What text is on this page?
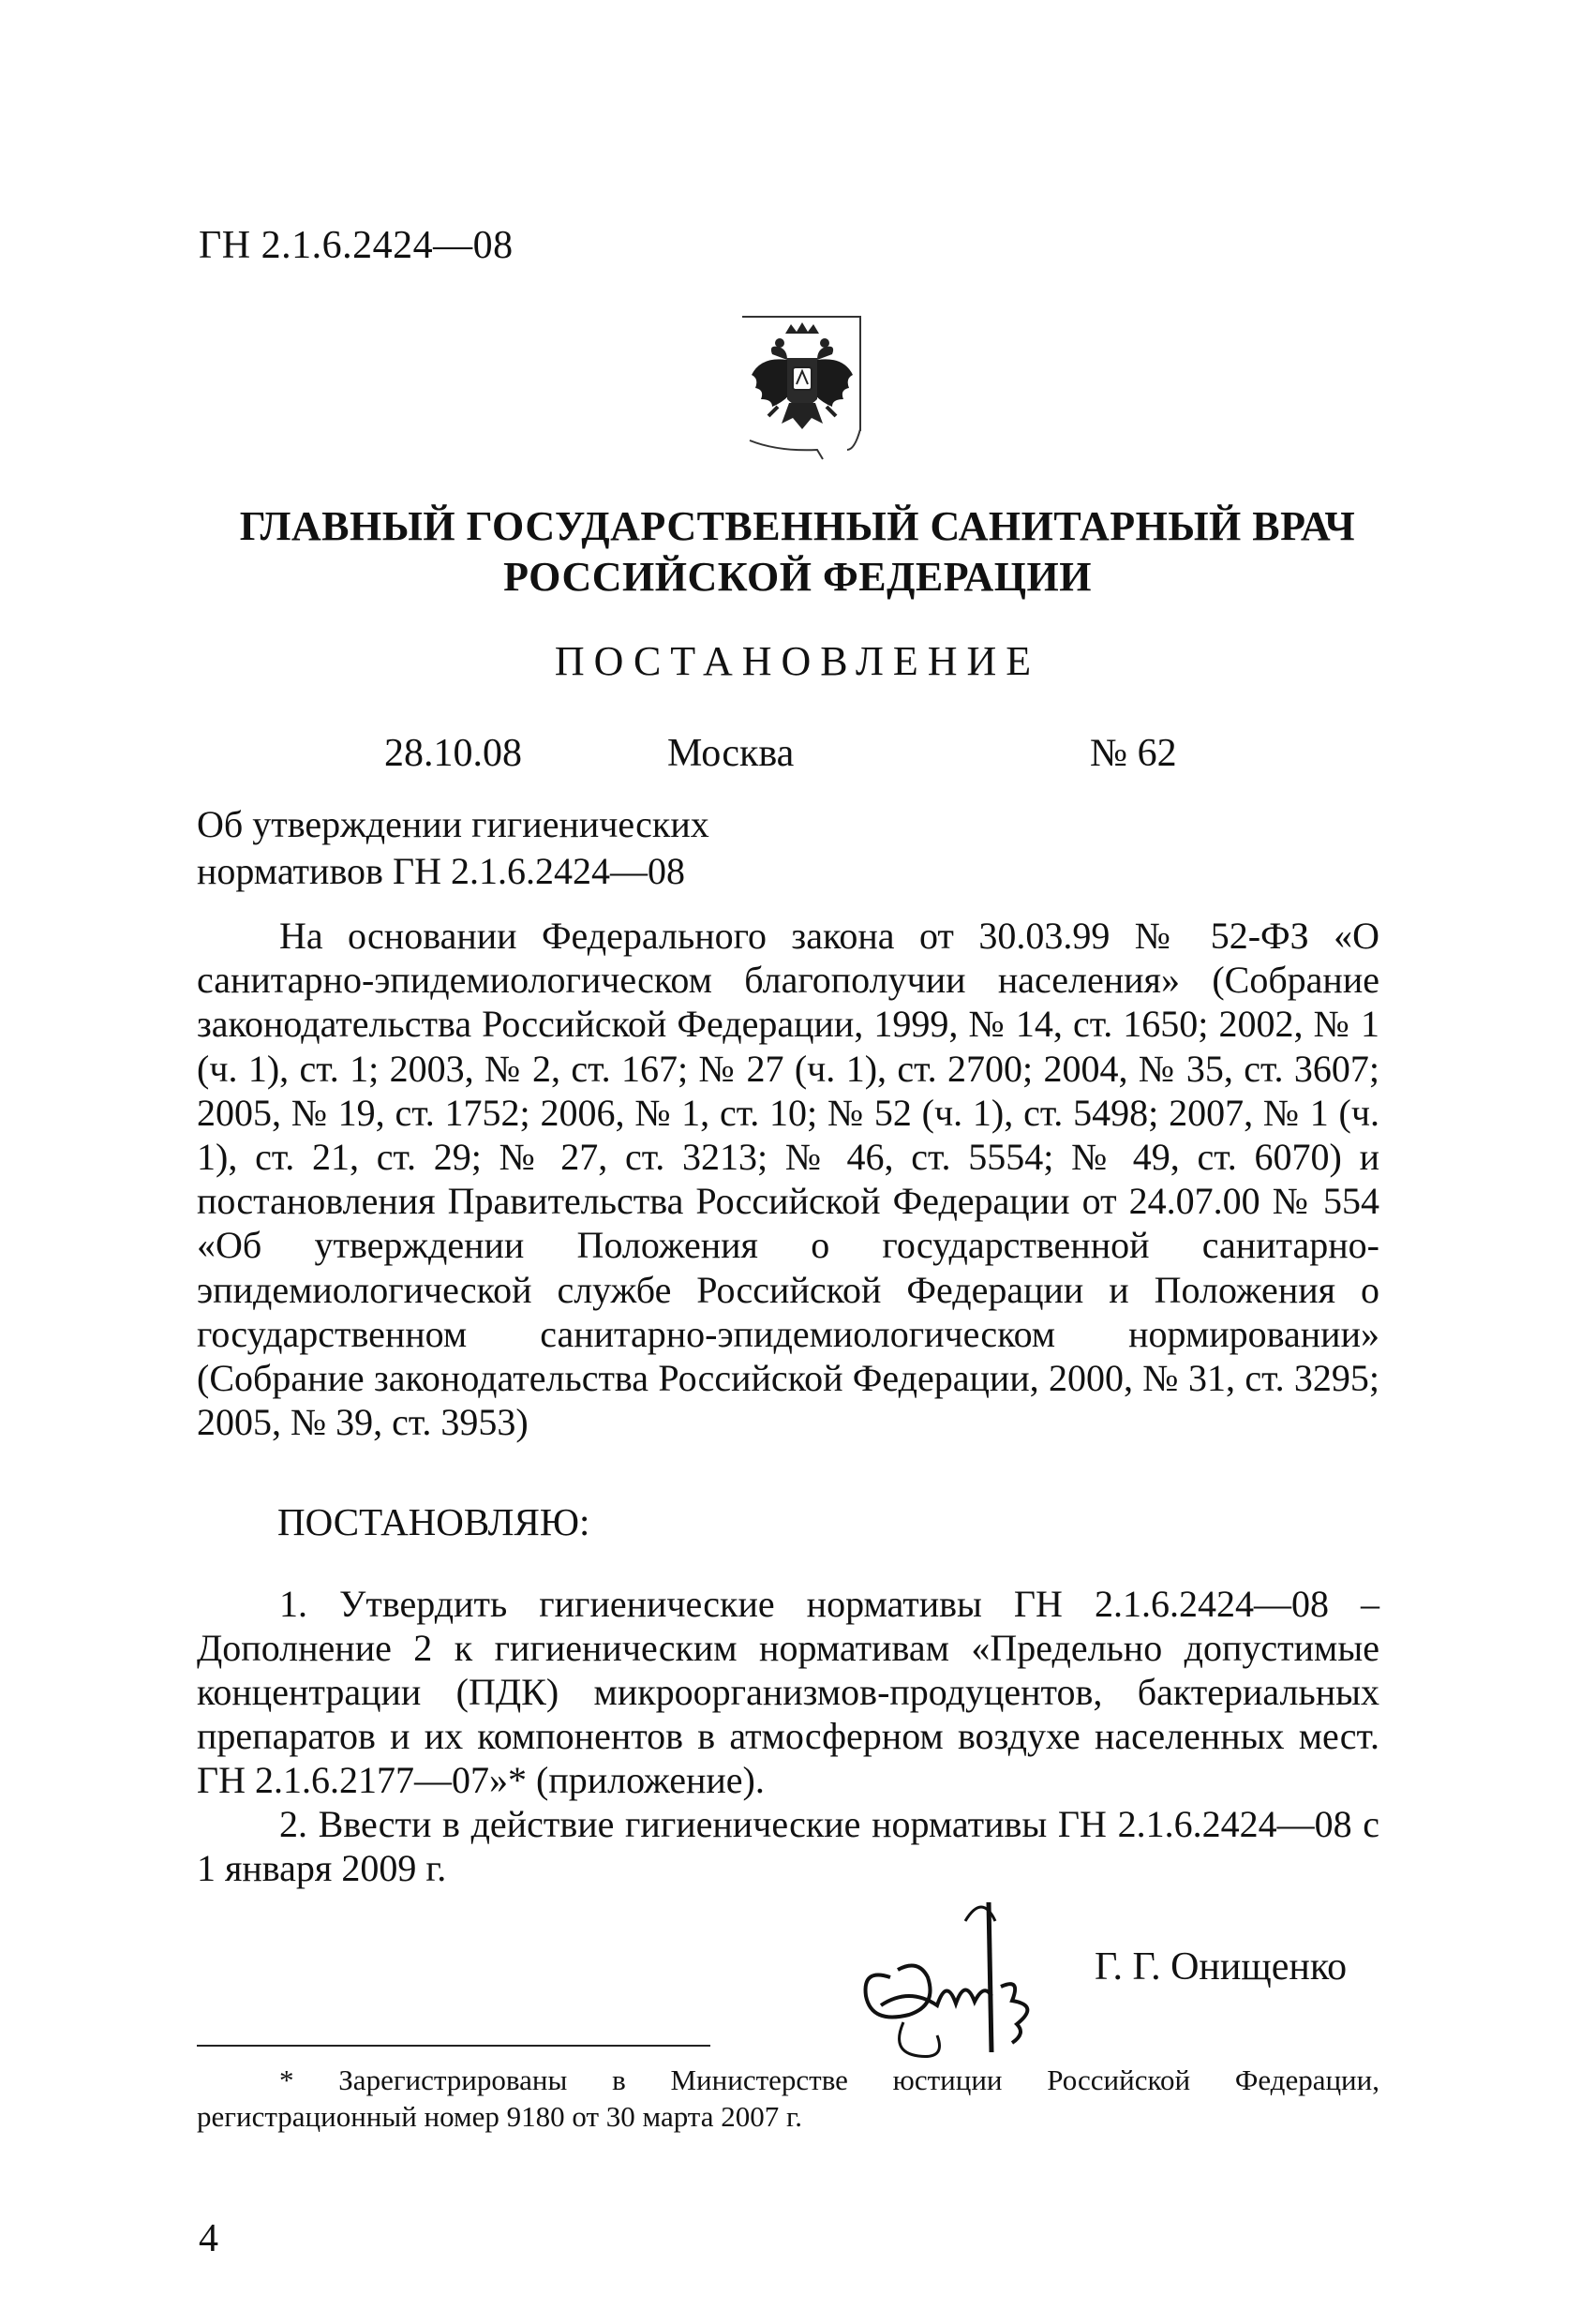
ГН 2.1.6.2424—08
ГЛАВНЫЙ ГОСУДАРСТВЕННЫЙ САНИТАРНЫЙ ВРАЧ
РОССИЙСКОЙ ФЕДЕРАЦИИ
ПОСТАНОВЛЕНИЕ
28.10.08	Москва	№ 62
Об утверждении гигиенических
нормативов ГН 2.1.6.2424—08
На основании Федерального закона от 30.03.99 № 52-ФЗ «О санитарно-эпидемиологическом благополучии населения» (Собрание законодательства Российской Федерации, 1999, № 14, ст. 1650; 2002, № 1 (ч. 1), ст. 1; 2003, № 2, ст. 167; № 27 (ч. 1), ст. 2700; 2004, № 35, ст. 3607; 2005, № 19, ст. 1752; 2006, № 1, ст. 10; № 52 (ч. 1), ст. 5498; 2007, № 1 (ч. 1), ст. 21, ст. 29; № 27, ст. 3213; № 46, ст. 5554; № 49, ст. 6070) и постановления Правительства Российской Федерации от 24.07.00 № 554 «Об утверждении Положения о государственной санитарно-эпидемиологической службе Российской Федерации и Положения о государственном санитарно-эпидемиологическом нормировании» (Собрание законодательства Российской Федерации, 2000, № 31, ст. 3295; 2005, № 39, ст. 3953)
ПОСТАНОВЛЯЮ:
1. Утвердить гигиенические нормативы ГН 2.1.6.2424—08 – Дополнение 2 к гигиеническим нормативам «Предельно допустимые концентрации (ПДК) микроорганизмов-продуцентов, бактериальных препаратов и их компонентов в атмосферном воздухе населенных мест. ГН 2.1.6.2177—07»* (приложение).
2. Ввести в действие гигиенические нормативы ГН 2.1.6.2424—08 с 1 января 2009 г.
Г. Г. Онищенко
* Зарегистрированы в Министерстве юстиции Российской Федерации, регистрационный номер 9180 от 30 марта 2007 г.
4
